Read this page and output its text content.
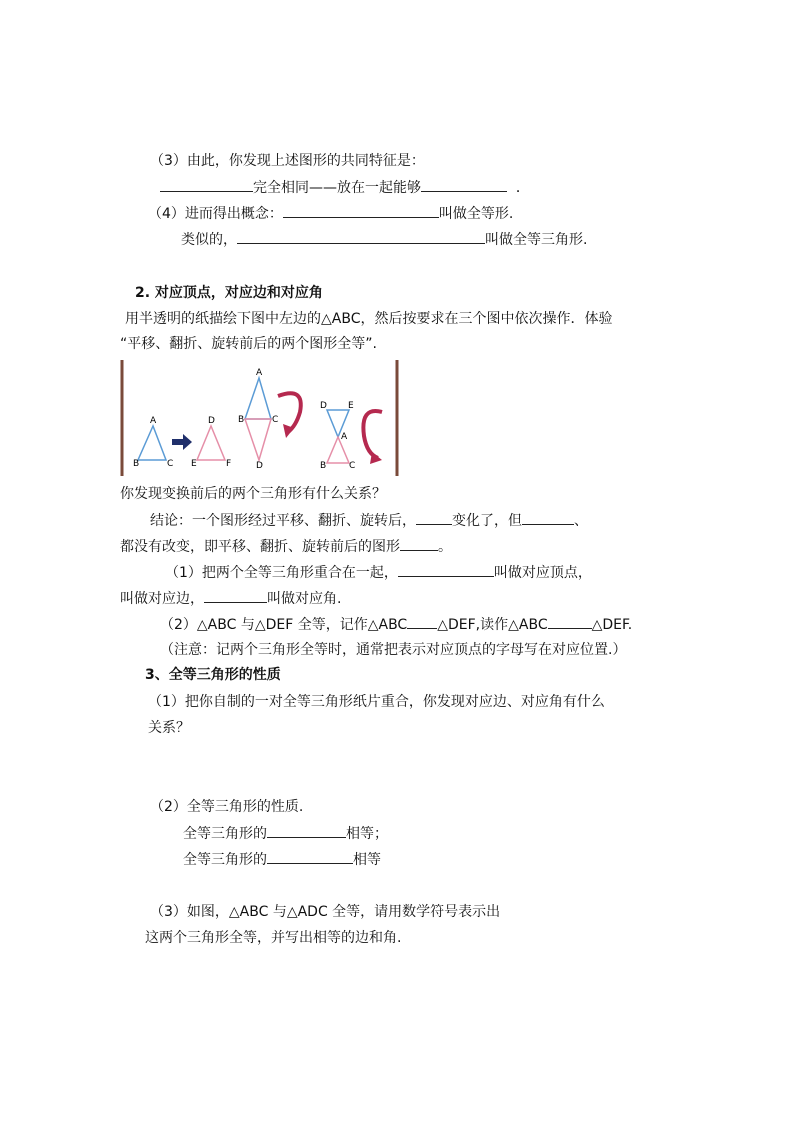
（3）由此，你发现上述图形的共同特征是：
完全相同——放在一起能够	．
（4）进而得出概念：	叫做全等形.
类似的，	叫做全等三角形.
2. 对应顶点，对应边和对应角
用半透明的纸描绘下图中左边的△ABC，然后按要求在三个图中依次操作．体验
“平移、翻折、旋转前后的两个图形全等”.
A
B	C
D
E	F
A
B	C
D
D E
A
B	C
你发现变换前后的两个三角形有什么关系？
结论：一个图形经过平移、翻折、旋转后，	变化了，但	、
都没有改变，即平移、翻折、旋转前后的图形	。
（1）把两个全等三角形重合在一起，	叫做对应顶点，
叫做对应边，	叫做对应角.
（2）△ABC 与△DEF 全等，记作△ABC △DEF,读作△ABC	△DEF.
（注意：记两个三角形全等时，通常把表示对应顶点的字母写在对应位置.）
3、全等三角形的性质
（1）把你自制的一对全等三角形纸片重合，你发现对应边、对应角有什么
关系？
（2）全等三角形的性质.
全等三角形的	相等；
全等三角形的	相等
（3）如图，△ABC 与△ADC 全等，请用数学符号表示出
这两个三角形全等，并写出相等的边和角.
